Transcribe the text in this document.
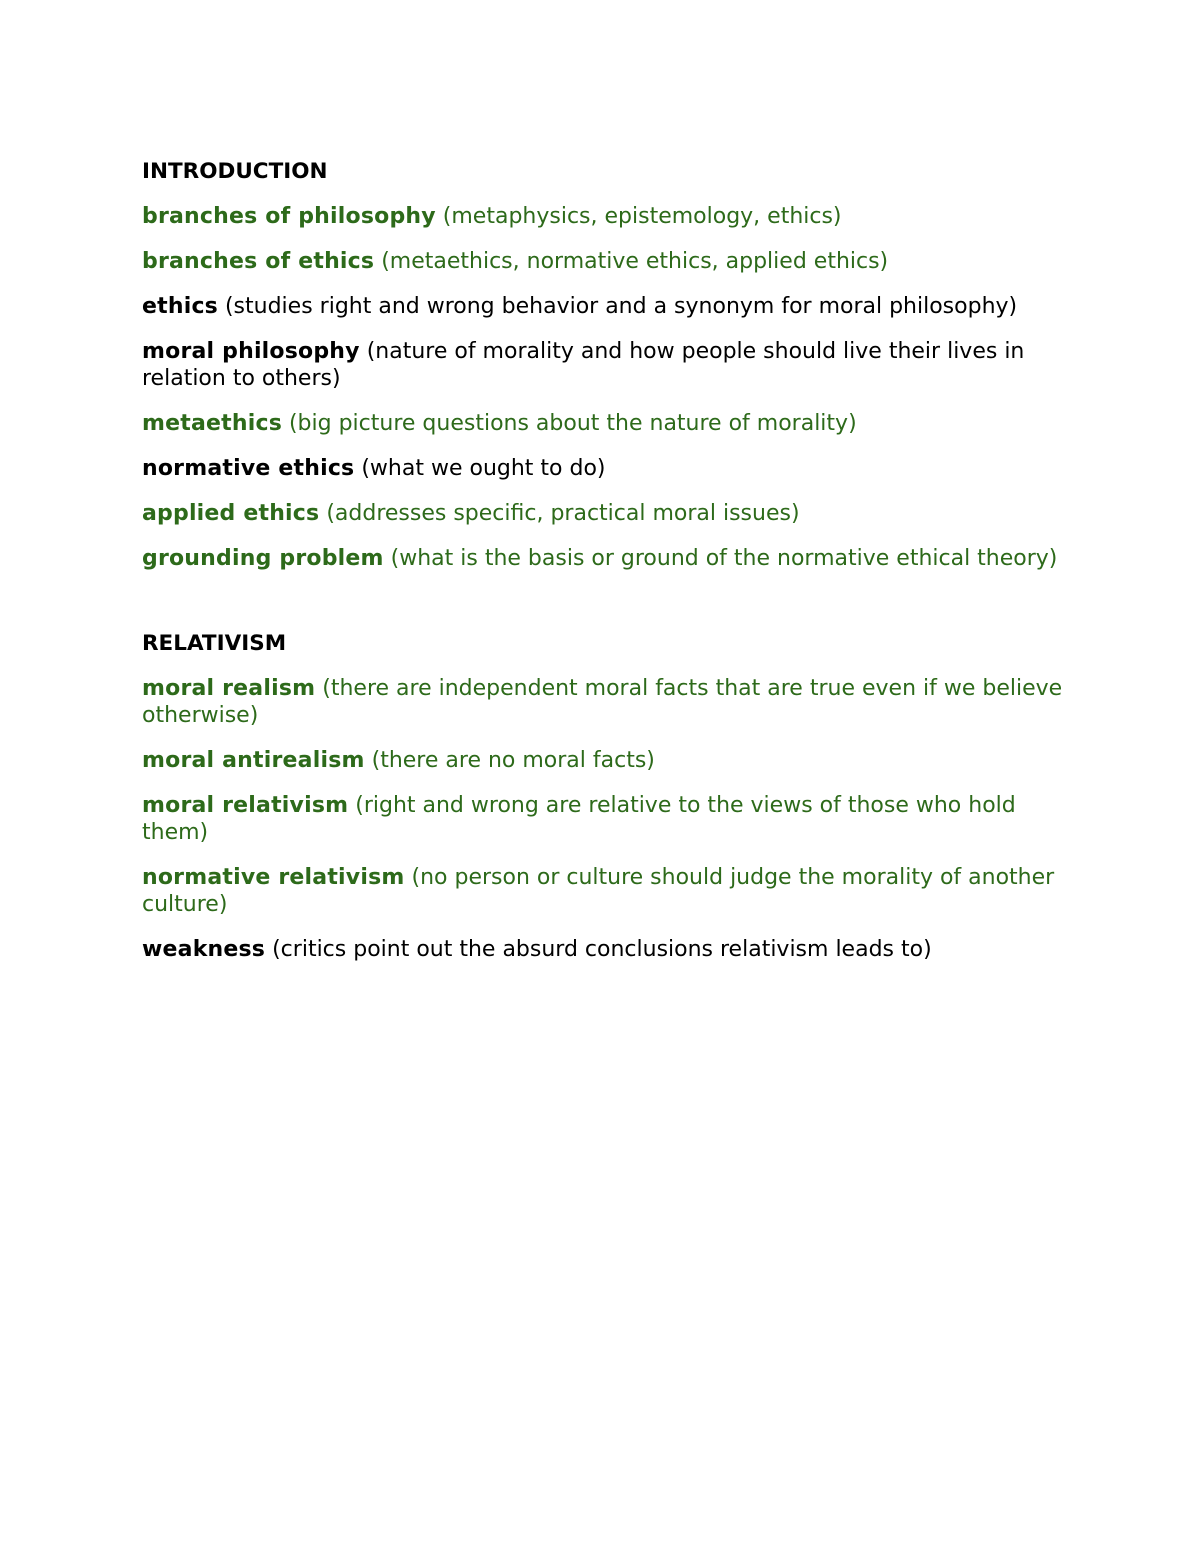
INTRODUCTION

branches of philosophy (metaphysics, epistemology, ethics)

branches of ethics (metaethics, normative ethics, applied ethics)

ethics (studies right and wrong behavior and a synonym for moral philosophy)

moral philosophy (nature of morality and how people should live their lives in relation to others)

metaethics (big picture questions about the nature of morality)

normative ethics (what we ought to do)

applied ethics (addresses specific, practical moral issues)

grounding problem (what is the basis or ground of the normative ethical theory)

RELATIVISM

moral realism (there are independent moral facts that are true even if we believe otherwise)

moral antirealism (there are no moral facts)

moral relativism (right and wrong are relative to the views of those who hold them)

normative relativism (no person or culture should judge the morality of another culture)

weakness (critics point out the absurd conclusions relativism leads to)
